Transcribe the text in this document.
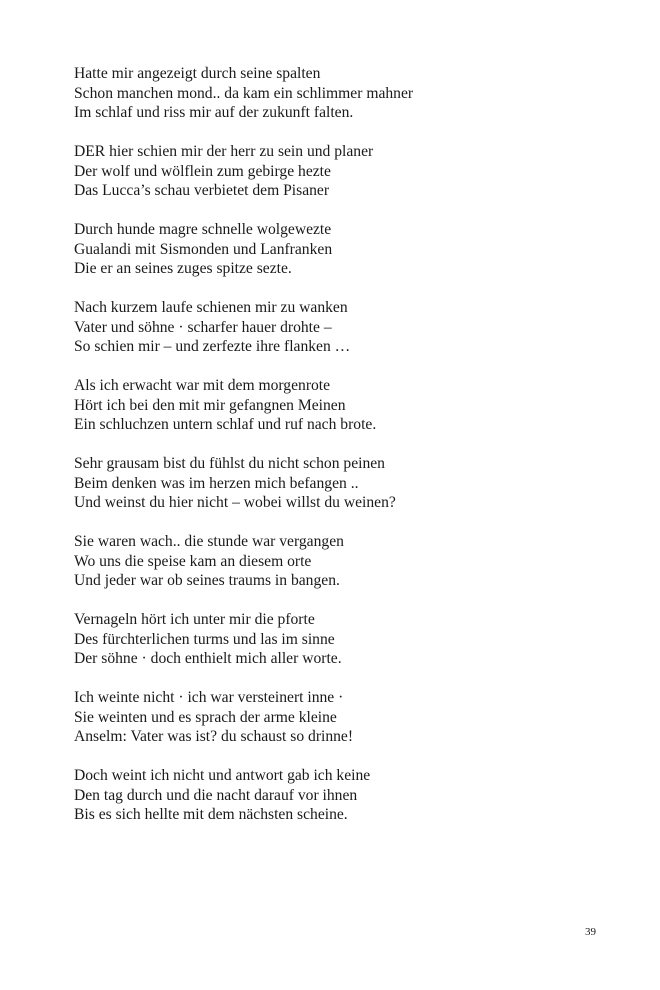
Hatte mir angezeigt durch seine spalten
Schon manchen mond.. da kam ein schlimmer mahner
Im schlaf und riss mir auf der zukunft falten.
DER hier schien mir der herr zu sein und planer
Der wolf und wölflein zum gebirge hezte
Das Lucca’s schau verbietet dem Pisaner
Durch hunde magre schnelle wolgewezte
Gualandi mit Sismonden und Lanfranken
Die er an seines zuges spitze sezte.
Nach kurzem laufe schienen mir zu wanken
Vater und söhne · scharfer hauer drohte –
So schien mir – und zerfezte ihre flanken …
Als ich erwacht war mit dem morgenrote
Hört ich bei den mit mir gefangnen Meinen
Ein schluchzen untern schlaf und ruf nach brote.
Sehr grausam bist du fühlst du nicht schon peinen
Beim denken was im herzen mich befangen ..
Und weinst du hier nicht – wobei willst du weinen?
Sie waren wach.. die stunde war vergangen
Wo uns die speise kam an diesem orte
Und jeder war ob seines traums in bangen.
Vernageln hört ich unter mir die pforte
Des fürchterlichen turms und las im sinne
Der söhne · doch enthielt mich aller worte.
Ich weinte nicht · ich war versteinert inne ·
Sie weinten und es sprach der arme kleine
Anselm: Vater was ist? du schaust so drinne!
Doch weint ich nicht und antwort gab ich keine
Den tag durch und die nacht darauf vor ihnen
Bis es sich hellte mit dem nächsten scheine.
39
